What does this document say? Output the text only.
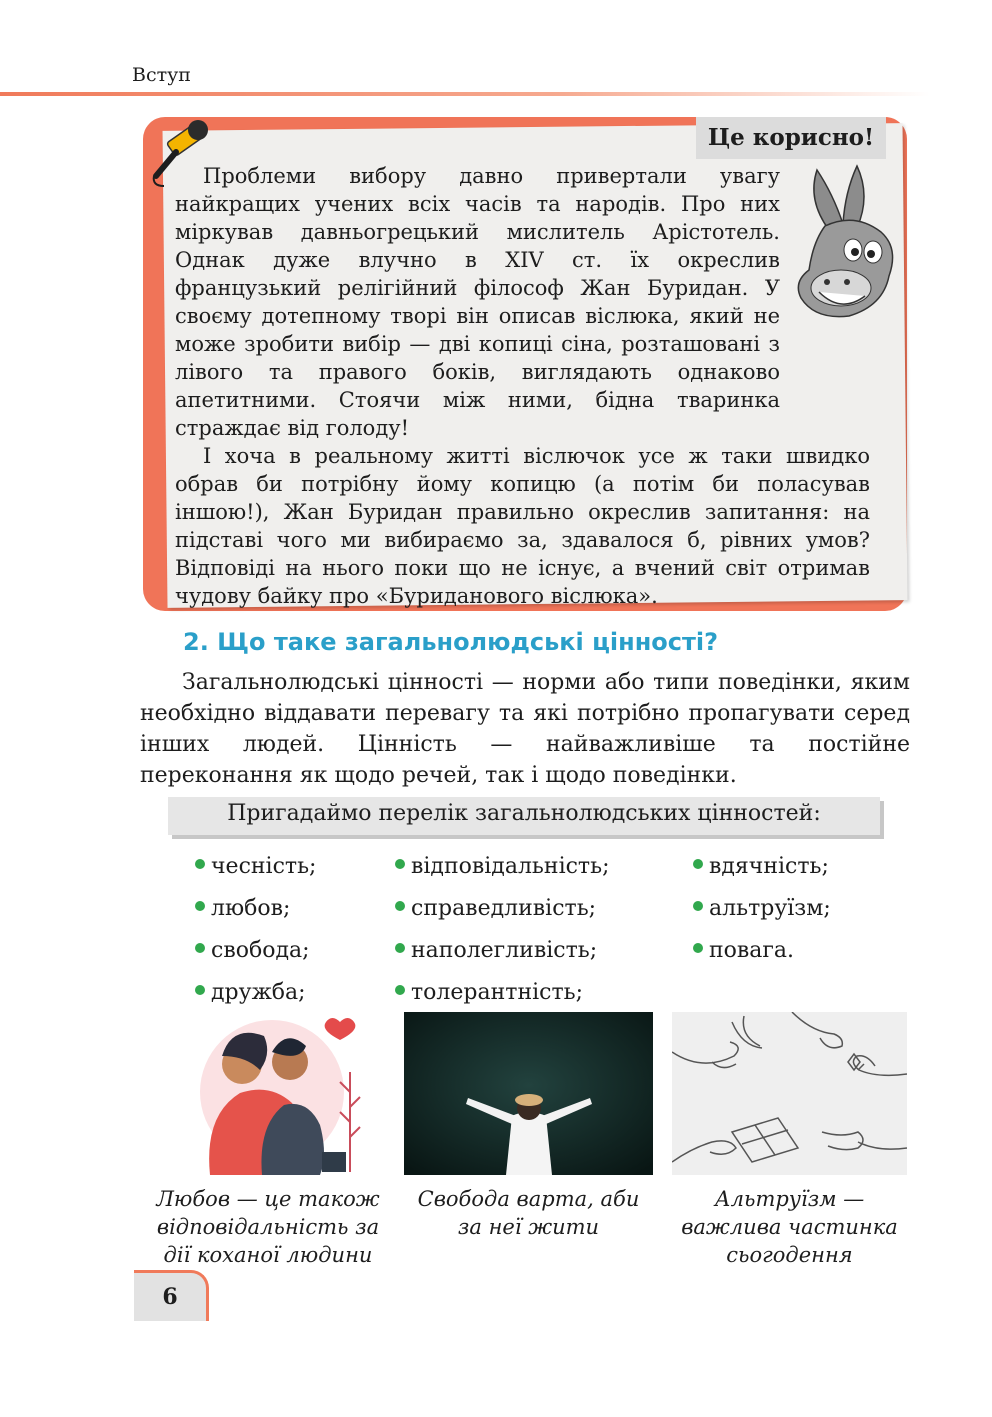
Вступ
Це корисно!

Проблеми вибору давно привертали увагу найкращих учених всіх часів та народів. Про них міркував давньогрецький мислитель Арістотель. Однак дуже влучно в XIV ст. їх окреслив французький релігійний філософ Жан Буридан. У своєму дотепному творі він описав віслюка, який не може зробити вибір — дві копиці сіна, розташовані з лівого та правого боків, виглядають однаково апетитними. Стоячи між ними, бідна тваринка страждає від голоду!

І хоча в реальному житті віслючок усе ж таки швидко обрав би потрібну йому копицю (а потім би поласував іншою!), Жан Буридан правильно окреслив запитання: на підставі чого ми вибираємо за, здавалося б, рівних умов? Відповіді на нього поки що не існує, а вчений світ отримав чудову байку про «Буриданового віслюка».

2. Що таке загальнолюдські цінності?

Загальнолюдські цінності — норми або типи поведінки, яким необхідно віддавати перевагу та які потрібно пропагувати серед інших людей. Цінність — найважливіше та постійне переконання як щодо речей, так і щодо поведінки.

Пригадаймо перелік загальнолюдських цінностей:
чесність;
любов;
свобода;
дружба;
відповідальність;
справедливість;
наполегливість;
толерантність;
вдячність;
альтруїзм;
повага.
Любов — це також відповідальність за дії коханої людини
Свобода варта, аби за неї жити
Альтруїзм — важлива частинка сьогодення
6
